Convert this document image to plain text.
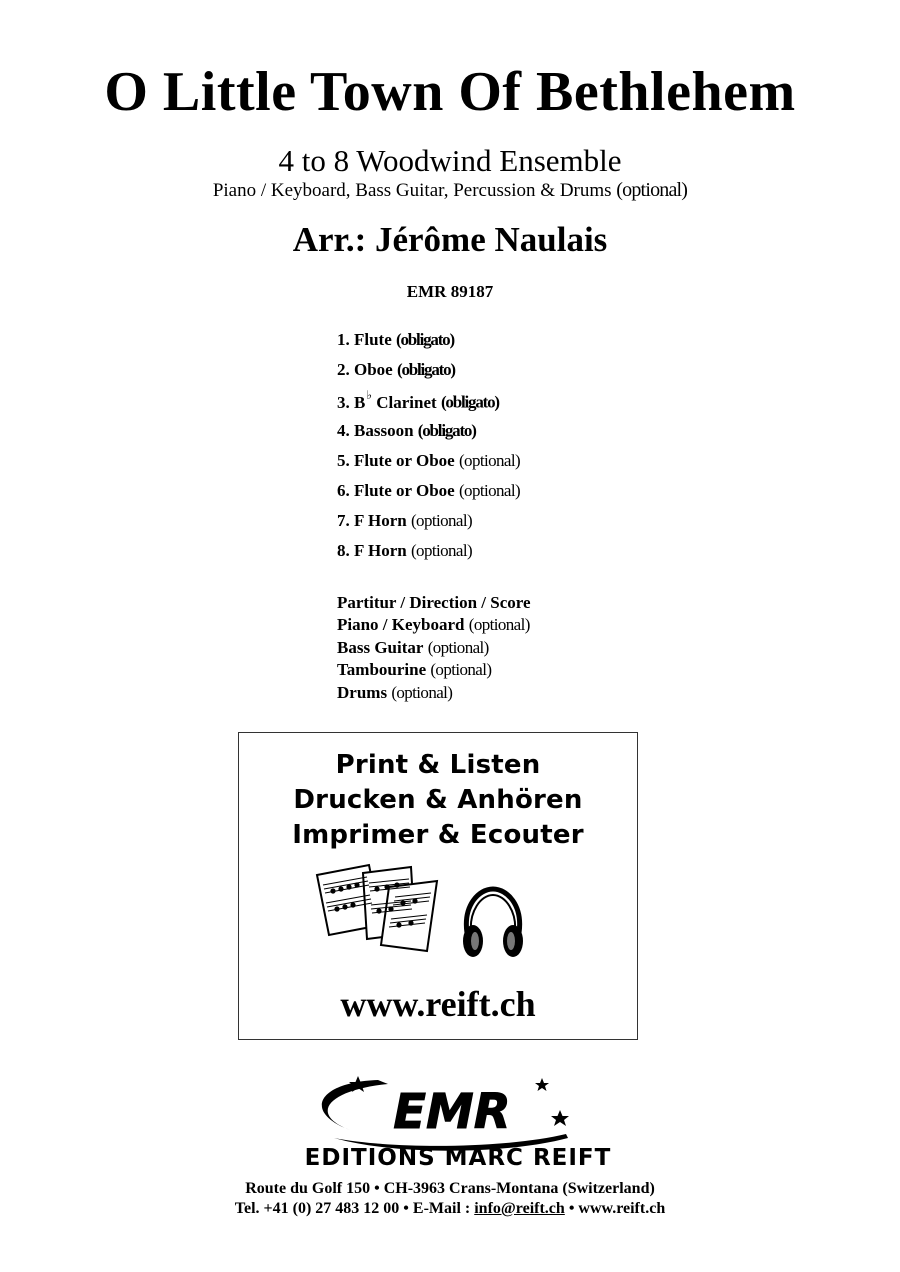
O Little Town Of Bethlehem
4 to 8 Woodwind Ensemble
Piano / Keyboard, Bass Guitar, Percussion & Drums (optional)
Arr.: Jérôme Naulais
EMR 89187
1. Flute (obligato)
2. Oboe (obligato)
3. B♭ Clarinet (obligato)
4. Bassoon (obligato)
5. Flute or Oboe (optional)
6. Flute or Oboe (optional)
7. F Horn (optional)
8. F Horn (optional)
Partitur / Direction / Score
Piano / Keyboard (optional)
Bass Guitar (optional)
Tambourine (optional)
Drums (optional)
Print & Listen
Drucken & Anhören
Imprimer & Ecouter
www.reift.ch
EMR
EDITIONS MARC REIFT
Route du Golf 150 • CH-3963 Crans-Montana (Switzerland)
Tel. +41 (0) 27 483 12 00 • E-Mail : info@reift.ch • www.reift.ch
